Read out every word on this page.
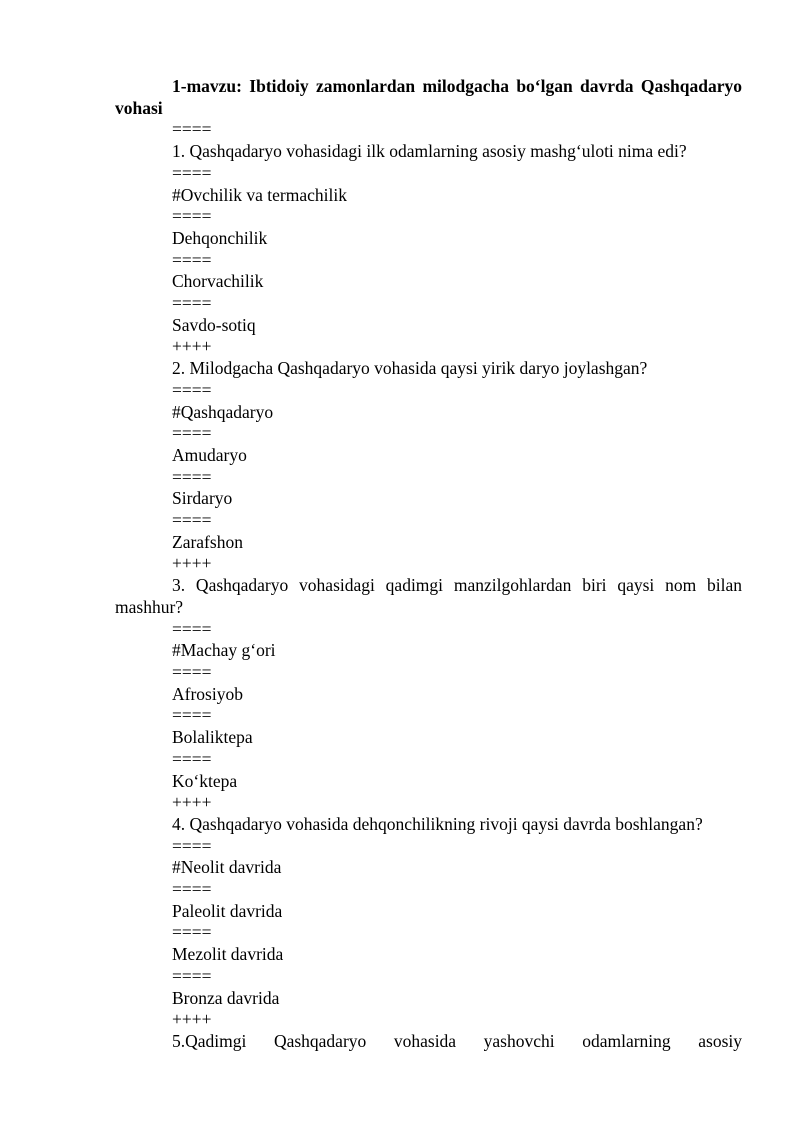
1-mavzu: Ibtidoiy zamonlardan milodgacha bo‘lgan davrda Qashqadaryo vohasi

====

1. Qashqadaryo vohasidagi ilk odamlarning asosiy mashg‘uloti nima edi?

====

#Ovchilik va termachilik

====

Dehqonchilik

====

Chorvachilik

====

Savdo-sotiq

++++

2. Milodgacha Qashqadaryo vohasida qaysi yirik daryo joylashgan?

====

#Qashqadaryo

====

Amudaryo

====

Sirdaryo

====

Zarafshon

++++

3. Qashqadaryo vohasidagi qadimgi manzilgohlardan biri qaysi nom bilan mashhur?

====

#Machay g‘ori

====

Afrosiyob

====

Bolaliktepa

====

Ko‘ktepa

++++

4. Qashqadaryo vohasida dehqonchilikning rivoji qaysi davrda boshlangan?

====

#Neolit davrida

====

Paleolit davrida

====

Mezolit davrida

====

Bronza davrida

++++

5.Qadimgi Qashqadaryo vohasida yashovchi odamlarning asosiy
